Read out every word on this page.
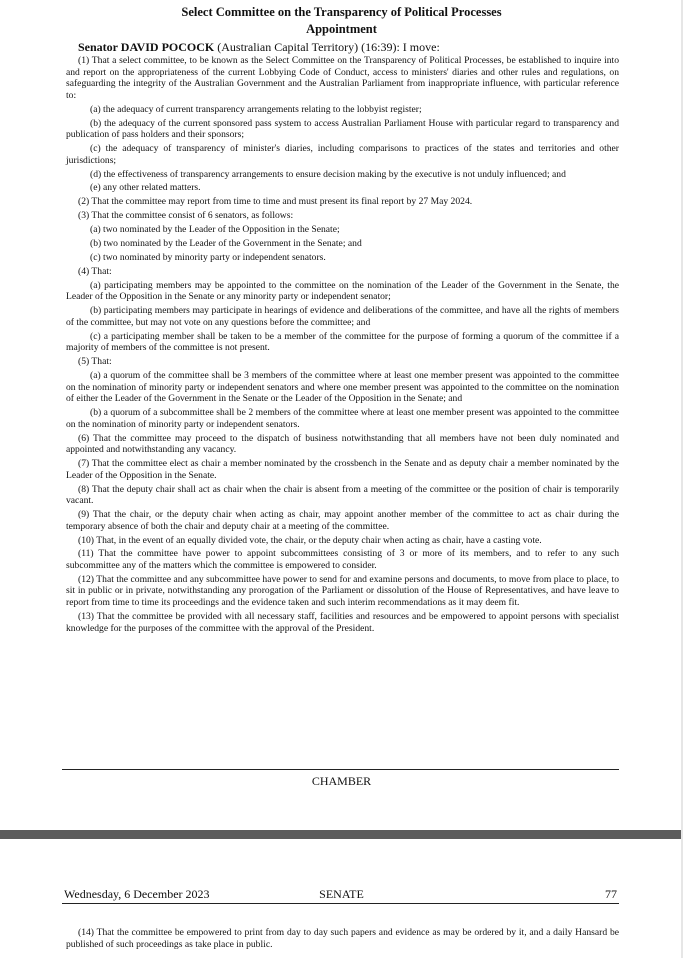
Select Committee on the Transparency of Political Processes
Appointment
Senator DAVID POCOCK (Australian Capital Territory) (16:39): I move:

(1) That a select committee, to be known as the Select Committee on the Transparency of Political Processes, be established to inquire into and report on the appropriateness of the current Lobbying Code of Conduct, access to ministers' diaries and other rules and regulations, on safeguarding the integrity of the Australian Government and the Australian Parliament from inappropriate influence, with particular reference to:

(a) the adequacy of current transparency arrangements relating to the lobbyist register;

(b) the adequacy of the current sponsored pass system to access Australian Parliament House with particular regard to transparency and publication of pass holders and their sponsors;

(c) the adequacy of transparency of minister's diaries, including comparisons to practices of the states and territories and other jurisdictions;

(d) the effectiveness of transparency arrangements to ensure decision making by the executive is not unduly influenced; and

(e) any other related matters.

(2) That the committee may report from time to time and must present its final report by 27 May 2024.

(3) That the committee consist of 6 senators, as follows:

(a) two nominated by the Leader of the Opposition in the Senate;

(b) two nominated by the Leader of the Government in the Senate; and

(c) two nominated by minority party or independent senators.

(4) That:

(a) participating members may be appointed to the committee on the nomination of the Leader of the Government in the Senate, the Leader of the Opposition in the Senate or any minority party or independent senator;

(b) participating members may participate in hearings of evidence and deliberations of the committee, and have all the rights of members of the committee, but may not vote on any questions before the committee; and

(c) a participating member shall be taken to be a member of the committee for the purpose of forming a quorum of the committee if a majority of members of the committee is not present.

(5) That:

(a) a quorum of the committee shall be 3 members of the committee where at least one member present was appointed to the committee on the nomination of minority party or independent senators and where one member present was appointed to the committee on the nomination of either the Leader of the Government in the Senate or the Leader of the Opposition in the Senate; and

(b) a quorum of a subcommittee shall be 2 members of the committee where at least one member present was appointed to the committee on the nomination of minority party or independent senators.

(6) That the committee may proceed to the dispatch of business notwithstanding that all members have not been duly nominated and appointed and notwithstanding any vacancy.

(7) That the committee elect as chair a member nominated by the crossbench in the Senate and as deputy chair a member nominated by the Leader of the Opposition in the Senate.

(8) That the deputy chair shall act as chair when the chair is absent from a meeting of the committee or the position of chair is temporarily vacant.

(9) That the chair, or the deputy chair when acting as chair, may appoint another member of the committee to act as chair during the temporary absence of both the chair and deputy chair at a meeting of the committee.

(10) That, in the event of an equally divided vote, the chair, or the deputy chair when acting as chair, have a casting vote.

(11) That the committee have power to appoint subcommittees consisting of 3 or more of its members, and to refer to any such subcommittee any of the matters which the committee is empowered to consider.

(12) That the committee and any subcommittee have power to send for and examine persons and documents, to move from place to place, to sit in public or in private, notwithstanding any prorogation of the Parliament or dissolution of the House of Representatives, and have leave to report from time to time its proceedings and the evidence taken and such interim recommendations as it may deem fit.

(13) That the committee be provided with all necessary staff, facilities and resources and be empowered to appoint persons with specialist knowledge for the purposes of the committee with the approval of the President.

CHAMBER
Wednesday, 6 December 2023	SENATE	77

(14) That the committee be empowered to print from day to day such papers and evidence as may be ordered by it, and a daily Hansard be published of such proceedings as take place in public.
